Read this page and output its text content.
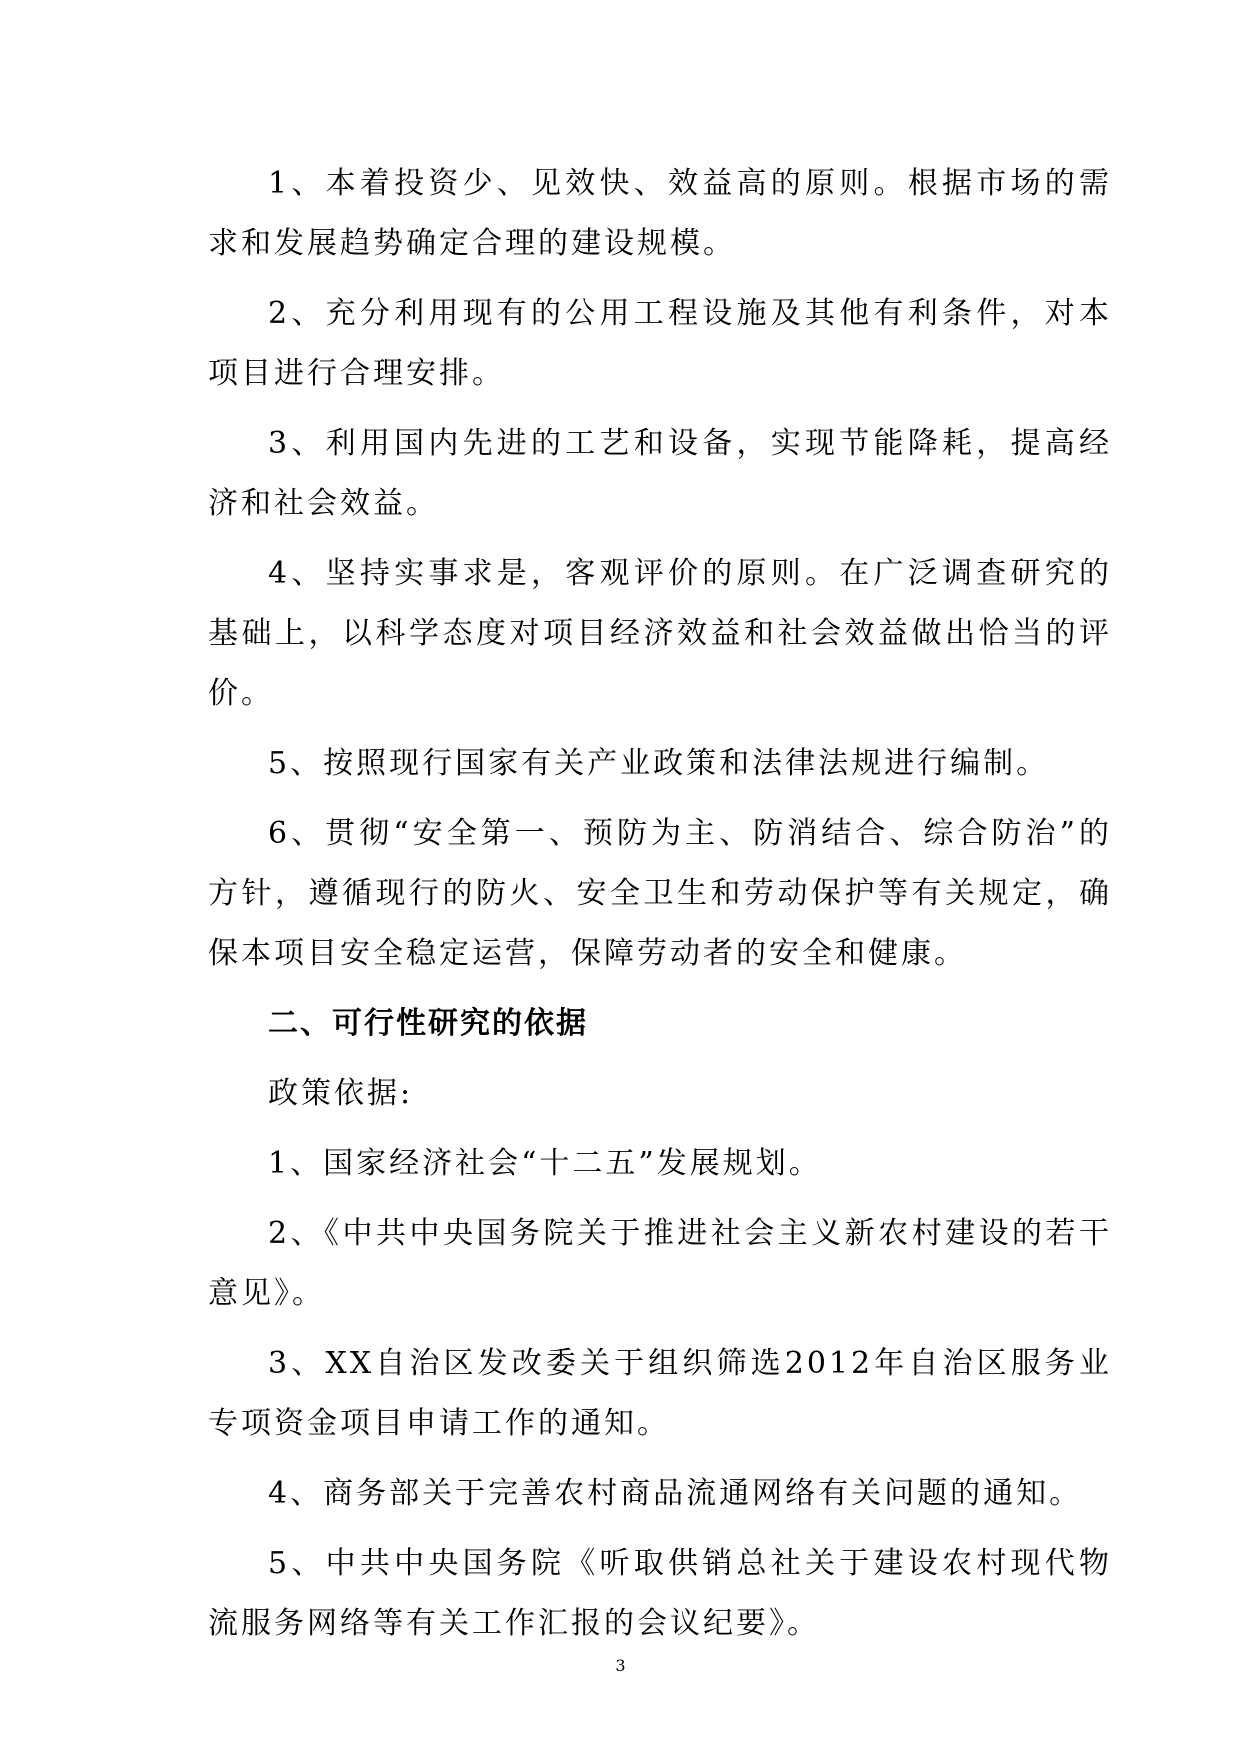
1、本着投资少、见效快、效益高的原则。根据市场的需求和发展趋势确定合理的建设规模。

2、充分利用现有的公用工程设施及其他有利条件，对本项目进行合理安排。

3、利用国内先进的工艺和设备，实现节能降耗，提高经济和社会效益。

4、坚持实事求是，客观评价的原则。在广泛调查研究的基础上，以科学态度对项目经济效益和社会效益做出恰当的评价。

5、按照现行国家有关产业政策和法律法规进行编制。

6、贯彻“安全第一、预防为主、防消结合、综合防治”的方针，遵循现行的防火、安全卫生和劳动保护等有关规定，确保本项目安全稳定运营，保障劳动者的安全和健康。

二、可行性研究的依据

政策依据:

1、国家经济社会“十二五”发展规划。

2、《中共中央国务院关于推进社会主义新农村建设的若干意见》。

3、XX自治区发改委关于组织筛选2012年自治区服务业专项资金项目申请工作的通知。

4、商务部关于完善农村商品流通网络有关问题的通知。

5、中共中央国务院《听取供销总社关于建设农村现代物流服务网络等有关工作汇报的会议纪要》。

3
